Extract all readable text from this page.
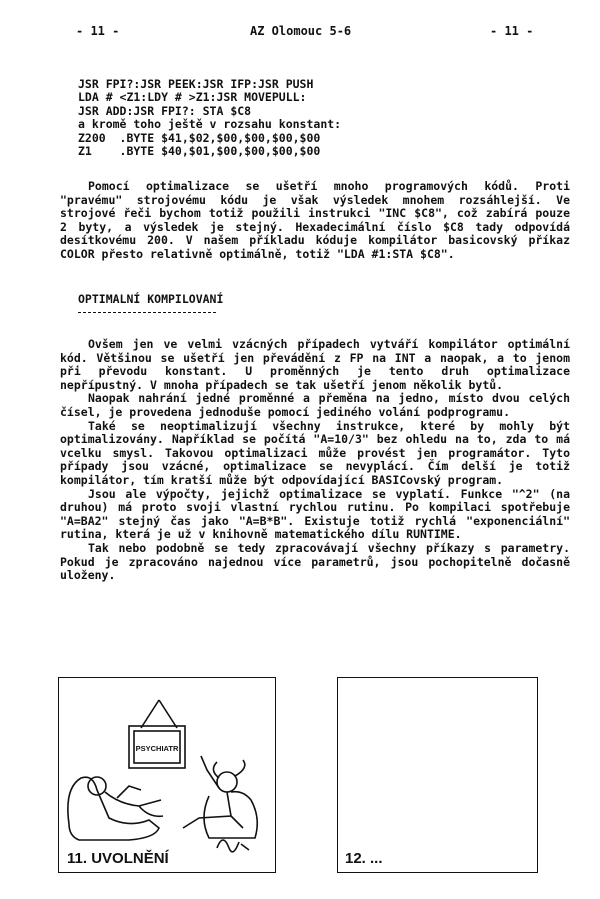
- 11 -	AZ Olomouc 5-6	- 11 -
JSR FPI?:JSR PEEK:JSR IFP:JSR PUSH
LDA # <Z1:LDY # >Z1:JSR MOVEPULL:
JSR ADD:JSR FPI?: STA $C8
a kromě toho ještě v rozsahu konstant:
Z200  .BYTE $41,$02,$00,$00,$00,$00
Z1    .BYTE $40,$01,$00,$00,$00,$00

Pomocí optimalizace se ušetří mnoho programových kódů. Proti "pravému" strojovému kódu je však výsledek mnohem rozsáhlejší. Ve strojové řeči bychom totiž použili instrukci "INC $C8", což zabírá pouze 2 byty, a výsledek je stejný. Hexadecimální číslo $C8 tady odpovídá desítkovému 200. V našem příkladu kóduje kompilátor basicovský příkaz COLOR přesto relativně optimálně, totiž "LDA #1:STA $C8".

OPTIMALNÍ KOMPILOVANÍ

Ovšem jen ve velmi vzácných případech vytváří kompilátor optimální kód. Většinou se ušetří jen převádění z FP na INT a naopak, a to jenom při převodu konstant. U proměnných je tento druh optimalizace nepřípustný. V mnoha případech se tak ušetří jenom několik bytů.

Naopak nahrání jedné proměnné a přeměna na jedno, místo dvou celých čísel, je provedena jednoduše pomocí jediného volání podprogramu.

Také se neoptimalizují všechny instrukce, které by mohly být optimalizovány. Například se počítá "A=10/3" bez ohledu na to, zda to má vcelku smysl. Takovou optimalizaci může provést jen programátor. Tyto případy jsou vzácné, optimalizace se nevyplácí. Čím delší je totiž kompilátor, tím kratší může být odpovídající BASICovský program.

Jsou ale výpočty, jejichž optimalizace se vyplatí. Funkce "^2" (na druhou) má proto svoji vlastní rychlou rutinu. Po kompilaci spotřebuje "A=BA2" stejný čas jako "A=B*B". Existuje totiž rychlá "exponenciální" rutina, která je už v knihovně matematického dílu RUNTIME.

Tak nebo podobně se tedy zpracovávají všechny příkazy s parametry. Pokud je zpracováno najednou více parametrů, jsou pochopitelně dočasně uloženy.

PSYCHIATR
11. UVOLNĚNÍ	12. ...
